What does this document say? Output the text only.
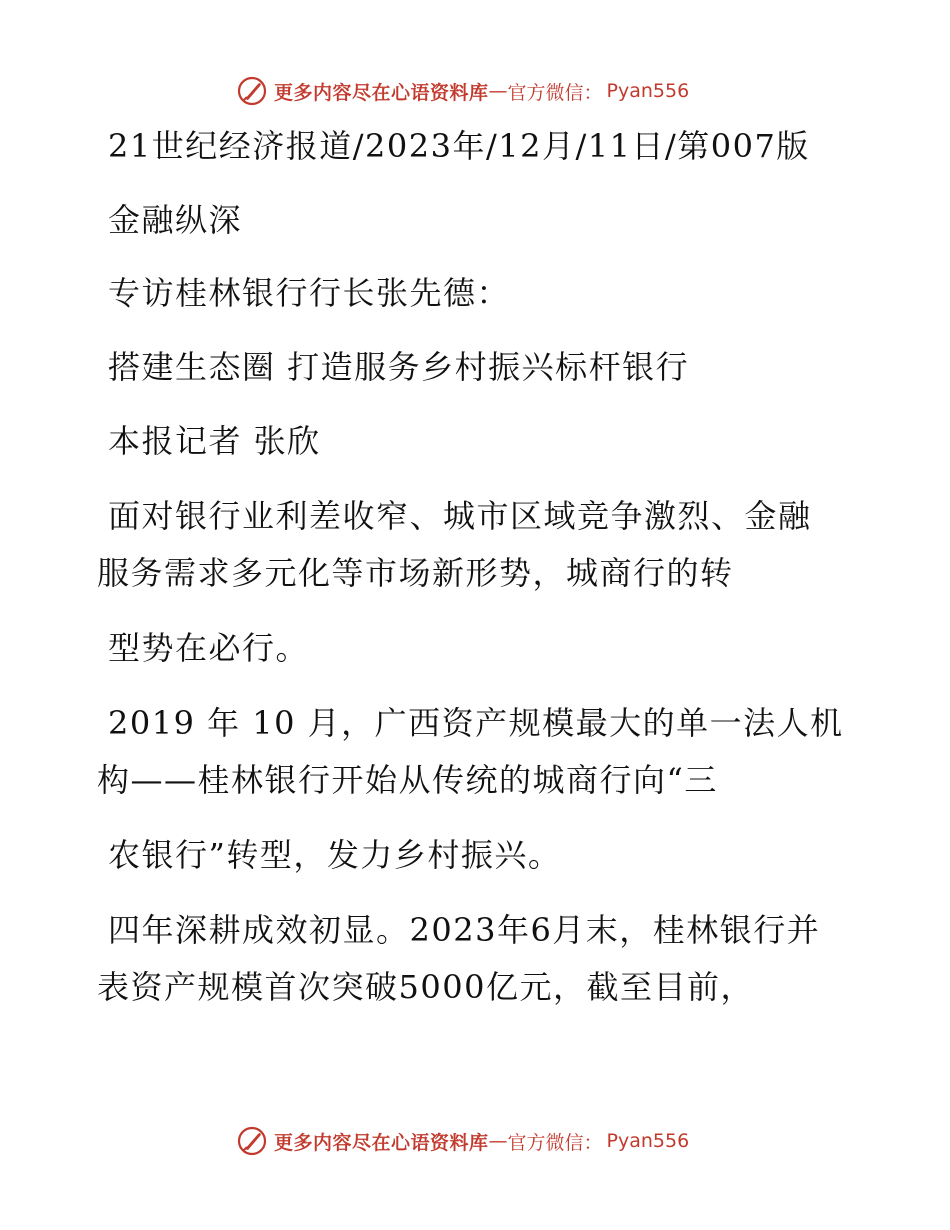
更多内容尽在心语资料库 — 官方微信： Pyan556
21世纪经济报道/2023年/12月/11日/第007版
金融纵深
专访桂林银行行长张先德：
搭建生态圈 打造服务乡村振兴标杆银行
本报记者 张欣
面对银行业利差收窄、城市区域竞争激烈、金融
服务需求多元化等市场新形势，城商行的转
型势在必行。
2019 年 10 月，广西资产规模最大的单一法人机
构——桂林银行开始从传统的城商行向“三
农银行”转型，发力乡村振兴。
四年深耕成效初显。2023年6月末，桂林银行并
表资产规模首次突破5000亿元，截至目前，
更多内容尽在心语资料库 — 官方微信： Pyan556
